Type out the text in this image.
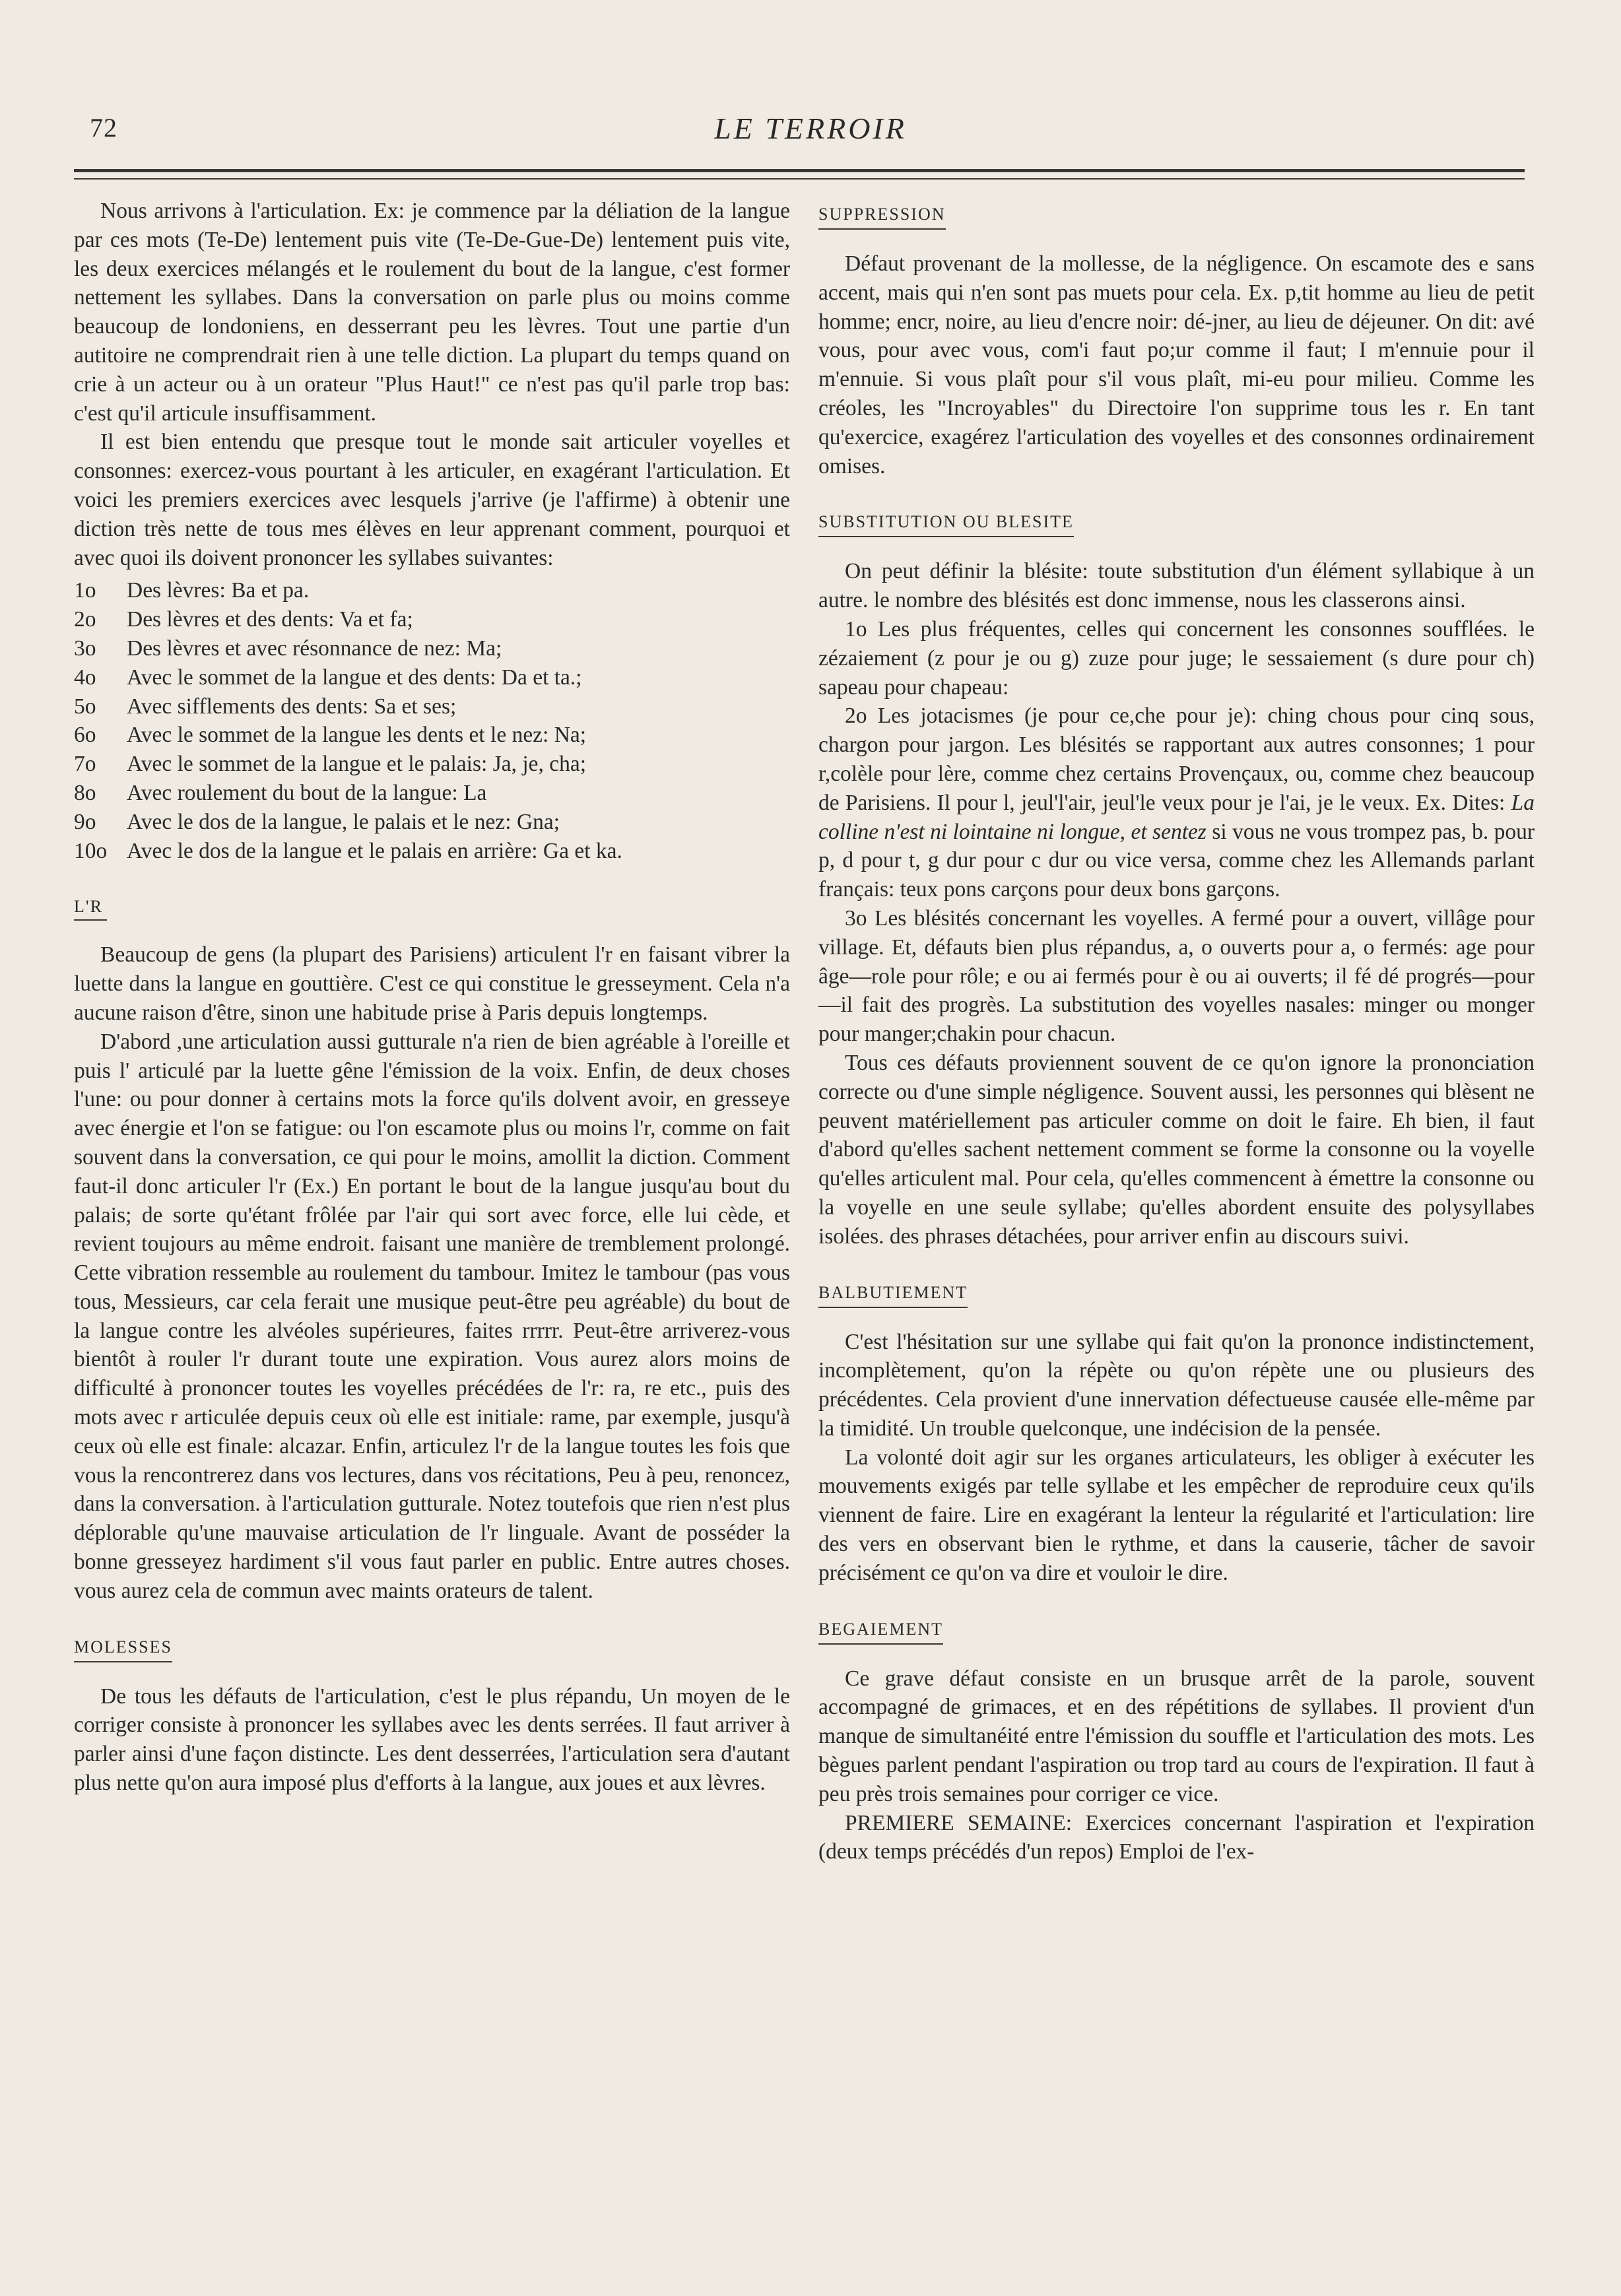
72	LE TERROIR

Nous arrivons à l'articulation. Ex: je commence par la déliation de la langue par ces mots (Te-De) lentement puis vite (Te-De-Gue-De) lentement puis vite, les deux exercices mélangés et le roulement du bout de la langue, c'est former nettement les syllabes. Dans la conversation on parle plus ou moins comme beaucoup de londoniens, en desserrant peu les lèvres. Tout une partie d'un autitoire ne comprendrait rien à une telle diction. La plupart du temps quand on crie à un acteur ou à un orateur "Plus Haut!" ce n'est pas qu'il parle trop bas: c'est qu'il articule insuffisamment.

Il est bien entendu que presque tout le monde sait articuler voyelles et consonnes: exercez-vous pourtant à les articuler, en exagérant l'articulation. Et voici les premiers exercices avec lesquels j'arrive (je l'affirme) à obtenir une diction très nette de tous mes élèves en leur apprenant comment, pourquoi et avec quoi ils doivent prononcer les syllabes suivantes:

1o Des lèvres: Ba et pa.
2o Des lèvres et des dents: Va et fa;
3o Des lèvres et avec résonnance de nez: Ma;
4o Avec le sommet de la langue et des dents: Da et ta.;
5o Avec sifflements des dents: Sa et ses;
6o Avec le sommet de la langue les dents et le nez: Na;
7o Avec le sommet de la langue et le palais: Ja, je, cha;
8o Avec roulement du bout de la langue: La
9o Avec le dos de la langue, le palais et le nez: Gna;
10o Avec le dos de la langue et le palais en arrière: Ga et ka.
L'R

Beaucoup de gens (la plupart des Parisiens) articulent l'r en faisant vibrer la luette dans la langue en gouttière. C'est ce qui constitue le gresseyment. Cela n'a aucune raison d'être, sinon une habitude prise à Paris depuis longtemps.

D'abord ,une articulation aussi gutturale n'a rien de bien agréable à l'oreille et puis l' articulé par la luette gêne l'émission de la voix. Enfin, de deux choses l'une: ou pour donner à certains mots la force qu'ils dolvent avoir, en gresseye avec énergie et l'on se fatigue: ou l'on escamote plus ou moins l'r, comme on fait souvent dans la conversation, ce qui pour le moins, amollit la diction. Comment faut-il donc articuler l'r (Ex.) En portant le bout de la langue jusqu'au bout du palais; de sorte qu'étant frôlée par l'air qui sort avec force, elle lui cède, et revient toujours au même endroit. faisant une manière de tremblement prolongé. Cette vibration ressemble au roulement du tambour. Imitez le tambour (pas vous tous, Messieurs, car cela ferait une musique peut-être peu agréable) du bout de la langue contre les alvéoles supérieures, faites rrrrr. Peut-être arriverez-vous bientôt à rouler l'r durant toute une expiration. Vous aurez alors moins de difficulté à prononcer toutes les voyelles précédées de l'r: ra, re etc., puis des mots avec r articulée depuis ceux où elle est initiale: rame, par exemple, jusqu'à ceux où elle est finale: alcazar. Enfin, articulez l'r de la langue toutes les fois que vous la rencontrerez dans vos lectures, dans vos récitations, Peu à peu, renoncez, dans la conversation. à l'articulation gutturale. Notez toutefois que rien n'est plus déplorable qu'une mauvaise articulation de l'r linguale. Avant de posséder la bonne gresseyez hardiment s'il vous faut parler en public. Entre autres choses. vous aurez cela de commun avec maints orateurs de talent.

MOLESSES

De tous les défauts de l'articulation, c'est le plus répandu, Un moyen de le corriger consiste à prononcer les syllabes avec les dents serrées. Il faut arriver à parler ainsi d'une façon distincte. Les dent desserrées, l'articulation sera d'autant plus nette qu'on aura imposé plus d'efforts à la langue, aux joues et aux lèvres.

SUPPRESSION

Défaut provenant de la mollesse, de la négligence. On escamote des e sans accent, mais qui n'en sont pas muets pour cela. Ex. p,tit homme au lieu de petit homme; encr, noire, au lieu d'encre noir: dé-jner, au lieu de déjeuner. On dit: avé vous, pour avec vous, com'i faut po;ur comme il faut; I m'ennuie pour il m'ennuie. Si vous plaît pour s'il vous plaît, mi-eu pour milieu. Comme les créoles, les "Incroyables" du Directoire l'on supprime tous les r. En tant qu'exercice, exagérez l'articulation des voyelles et des consonnes ordinairement omises.

SUBSTITUTION OU BLESITE

On peut définir la blésite: toute substitution d'un élément syllabique à un autre. le nombre des blésités est donc immense, nous les classerons ainsi.

1o Les plus fréquentes, celles qui concernent les consonnes soufflées. le zézaiement (z pour je ou g) zuze pour juge; le sessaiement (s dure pour ch) sapeau pour chapeau:

2o Les jotacismes (je pour ce,che pour je): ching chous pour cinq sous, chargon pour jargon. Les blésités se rapportant aux autres consonnes; 1 pour r,colèle pour lère, comme chez certains Provençaux, ou, comme chez beaucoup de Parisiens. Il pour l, jeul'l'air, jeul'le veux pour je l'ai, je le veux. Ex. Dites: La colline n'est ni lointaine ni longue, et sentez si vous ne vous trompez pas, b. pour p, d pour t, g dur pour c dur ou vice versa, comme chez les Allemands parlant français: teux pons carçons pour deux bons garçons.

3o Les blésités concernant les voyelles. A fermé pour a ouvert, villâge pour village. Et, défauts bien plus répandus, a, o ouverts pour a, o fermés: age pour âge—role pour rôle; e ou ai fermés pour è ou ai ouverts; il fé dé progrés—pour—il fait des progrès. La substitution des voyelles nasales: minger ou monger pour manger;chakin pour chacun.

Tous ces défauts proviennent souvent de ce qu'on ignore la prononciation correcte ou d'une simple négligence. Souvent aussi, les personnes qui blèsent ne peuvent matériellement pas articuler comme on doit le faire. Eh bien, il faut d'abord qu'elles sachent nettement comment se forme la consonne ou la voyelle qu'elles articulent mal. Pour cela, qu'elles commencent à émettre la consonne ou la voyelle en une seule syllabe; qu'elles abordent ensuite des polysyllabes isolées. des phrases détachées, pour arriver enfin au discours suivi.

BALBUTIEMENT

C'est l'hésitation sur une syllabe qui fait qu'on la prononce indistinctement, incomplètement, qu'on la répète ou qu'on répète une ou plusieurs des précédentes. Cela provient d'une innervation défectueuse causée elle-même par la timidité. Un trouble quelconque, une indécision de la pensée.

La volonté doit agir sur les organes articulateurs, les obliger à exécuter les mouvements exigés par telle syllabe et les empêcher de reproduire ceux qu'ils viennent de faire. Lire en exagérant la lenteur la régularité et l'articulation: lire des vers en observant bien le rythme, et dans la causerie, tâcher de savoir précisément ce qu'on va dire et vouloir le dire.

BEGAIEMENT

Ce grave défaut consiste en un brusque arrêt de la parole, souvent accompagné de grimaces, et en des répétitions de syllabes. Il provient d'un manque de simultanéité entre l'émission du souffle et l'articulation des mots. Les bègues parlent pendant l'aspiration ou trop tard au cours de l'expiration. Il faut à peu près trois semaines pour corriger ce vice.

PREMIERE SEMAINE: Exercices concernant l'aspiration et l'expiration (deux temps précédés d'un repos) Emploi de l'ex-
